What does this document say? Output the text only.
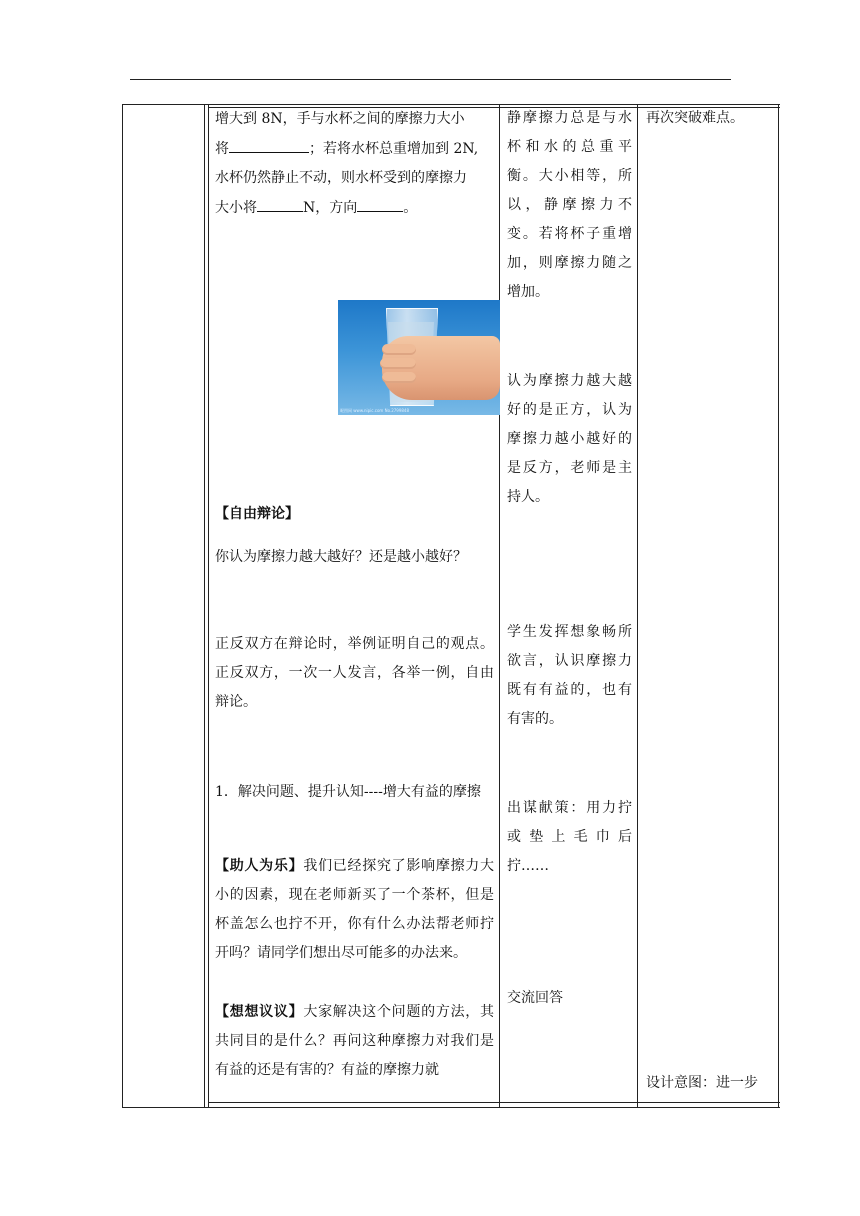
增大到 8N，手与水杯之间的摩擦力大小

将	；若将水杯总重增加到 2N,

水杯仍然静止不动，则水杯受到的摩擦力

大小将	N，方向	。

昵图网 www.nipic.com No.2799848

【自由辩论】

你认为摩擦力越大越好？还是越小越好？

正反双方在辩论时，举例证明自己的观点。正反双方，一次一人发言，各举一例，自由辩论。

1．解决问题、提升认知----增大有益的摩擦

【助人为乐】我们已经探究了影响摩擦力大小的因素，现在老师新买了一个茶杯，但是杯盖怎么也拧不开，你有什么办法帮老师拧开吗？请同学们想出尽可能多的办法来。

【想想议议】大家解决这个问题的方法，其共同目的是什么？再问这种摩擦力对我们是有益的还是有害的？有益的摩擦力就

静摩擦力总是与水杯和水的总重平衡。大小相等，所以，静摩擦力不变。若将杯子重增加，则摩擦力随之增加。

认为摩擦力越大越好的是正方，认为摩擦力越小越好的是反方，老师是主持人。

学生发挥想象畅所欲言，认识摩擦力既有有益的，也有有害的。

出谋献策：用力拧或垫上毛巾后拧……

交流回答

再次突破难点。

设计意图：进一步
